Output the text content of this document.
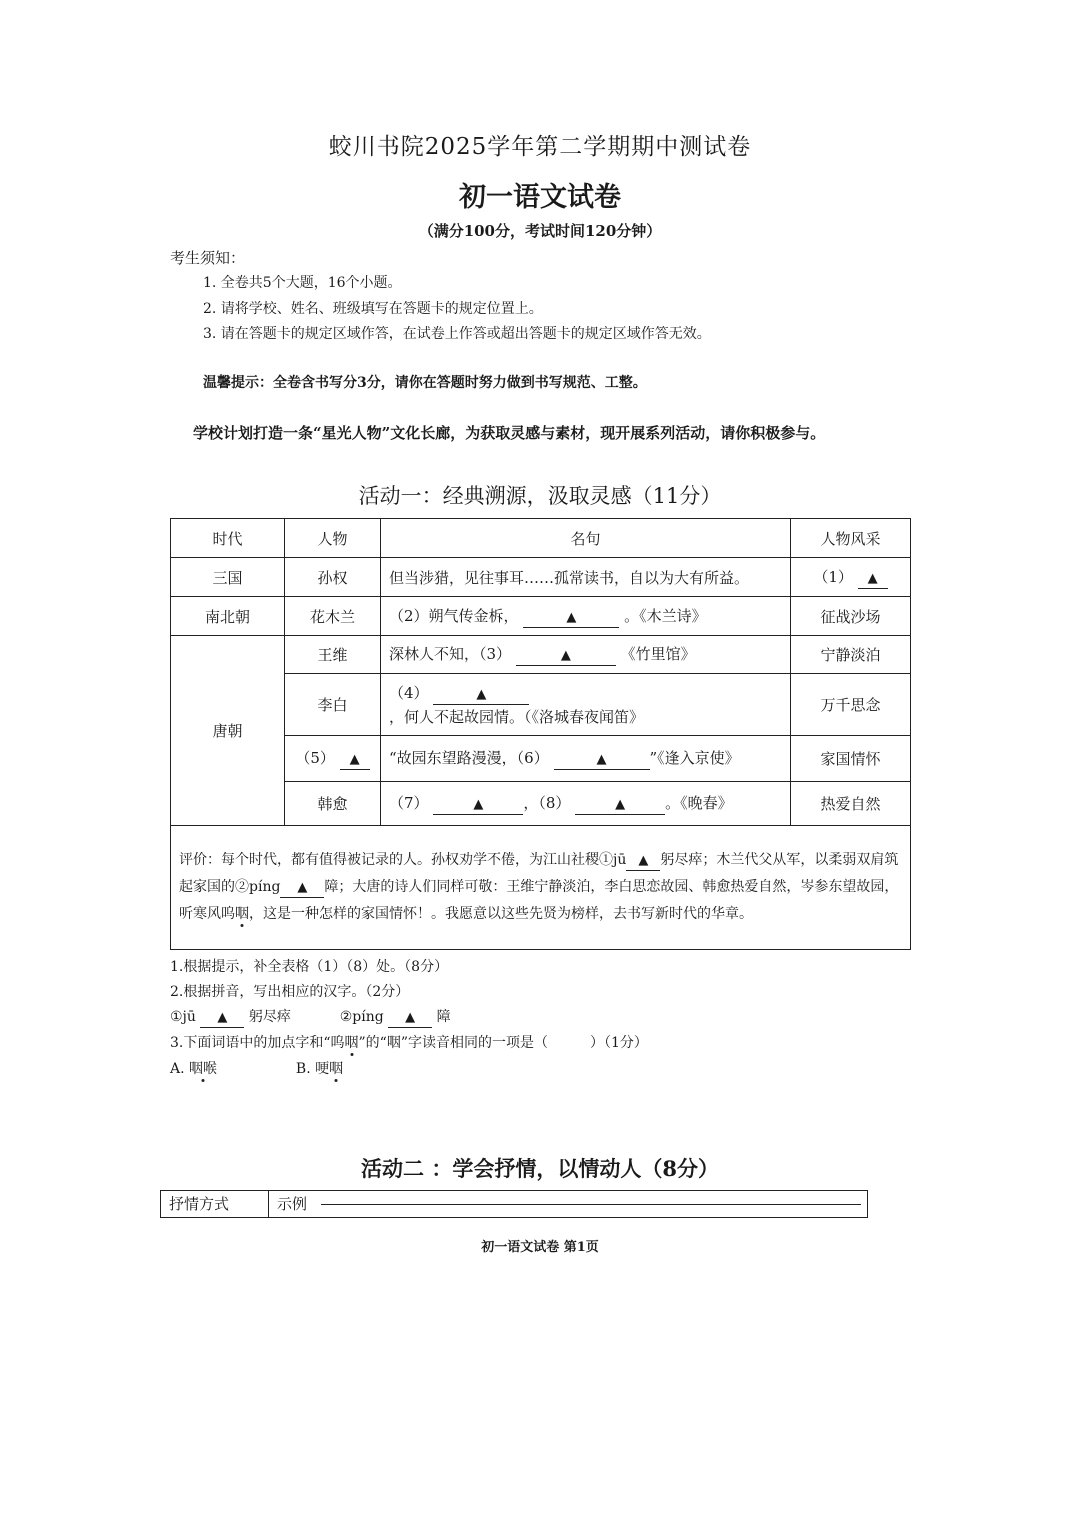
蛟川书院2025学年第二学期期中测试卷
初一语文试卷
（满分100分，考试时间120分钟）
考生须知：
1. 全卷共5个大题，16个小题。
2. 请将学校、姓名、班级填写在答题卡的规定位置上。
3. 请在答题卡的规定区域作答，在试卷上作答或超出答题卡的规定区域作答无效。
温馨提示：全卷含书写分3分，请你在答题时努力做到书写规范、工整。
学校计划打造一条“星光人物”文化长廊，为获取灵感与素材，现开展系列活动，请你积极参与。
活动一：经典溯源，汲取灵感（11分）
时代	人物	名句	人物风采
三国	孙权	但当涉猎，见往事耳……孤常读书，自以为大有所益。	（1） ▲
南北朝	花木兰	（2）朔气传金柝， ▲ 。《木兰诗》	征战沙场
唐朝	王维	深林人不知，（3） ▲ 《竹里馆》	宁静淡泊
	李白	（4） ▲，何人不起故园情。（《洛城春夜闻笛》	万千思念
	（5） ▲	“故园东望路漫漫，（6） ▲ ”《逢入京使》	家国情怀
	韩愈	（7） ▲ ，（8） ▲ 。《晚春》	热爱自然
评价：每个时代，都有值得被记录的人。孙权劝学不倦，为江山社稷①jū ▲ 躬尽瘁；木兰代父从军，以柔弱双肩筑起家国的②píng ▲ 障；大唐的诗人们同样可敬：王维宁静淡泊，李白思恋故园、韩愈热爱自然，岑参东望故园，听寒风呜咽，这是一种怎样的家国情怀！。我愿意以这些先贤为榜样，去书写新时代的华章。			
1.根据提示，补全表格（1）（8）处。（8分）
2.根据拼音，写出相应的汉字。（2分）
①jū ▲ 躬尽瘁	②píng ▲ 障
3.下面词语中的加点字和“呜咽”的“咽”字读音相同的一项是（　　　）（1分）
A. 咽喉	B. 哽咽
活动二 ：学会抒情，以情动人（8分）
抒情方式	示例
初一语文试卷 第1页
